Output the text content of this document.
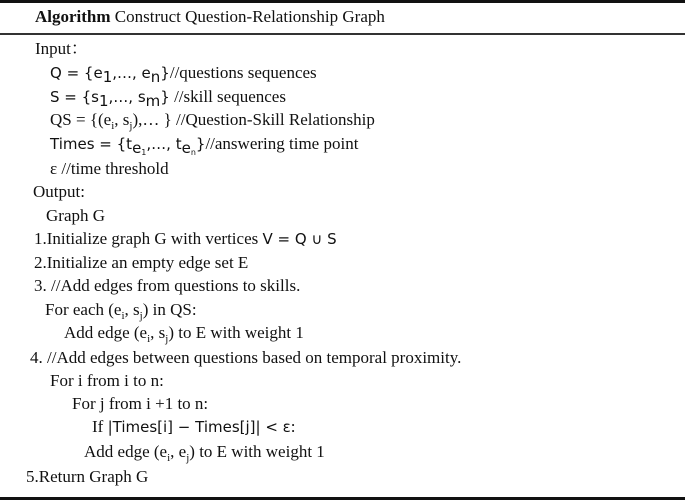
Algorithm Construct Question-Relationship Graph
Input：
$Q = \{e_1,\dots$, $e_n\}/$/questions sequences
$S = \{s_1,\dots$, $s_m$} //skill sequences
QS = {($e_i$, $s_j),\dots$ } //Question-Skill Relationship
Times = {$t_{e_1},\dots$, $t_{e_n}\}/$/answering time point
ε //time threshold
Output:
Graph G
1.Initialize graph G with vertices V = Q ∪ S
2.Initialize an empty edge set E
3. //Add edges from questions to skills.
For each ($e_i$, $s_j$) in QS:
Add edge ($e_i$, $s_j$) to E with weight 1
4. //Add edges between questions based on temporal proximity.
For i from i to n:
For j from i +1 to n:
If |Times[i] − Times[j]| < ε:
Add edge ($e_i$, $e_j$) to E with weight 1
5.Return Graph G
